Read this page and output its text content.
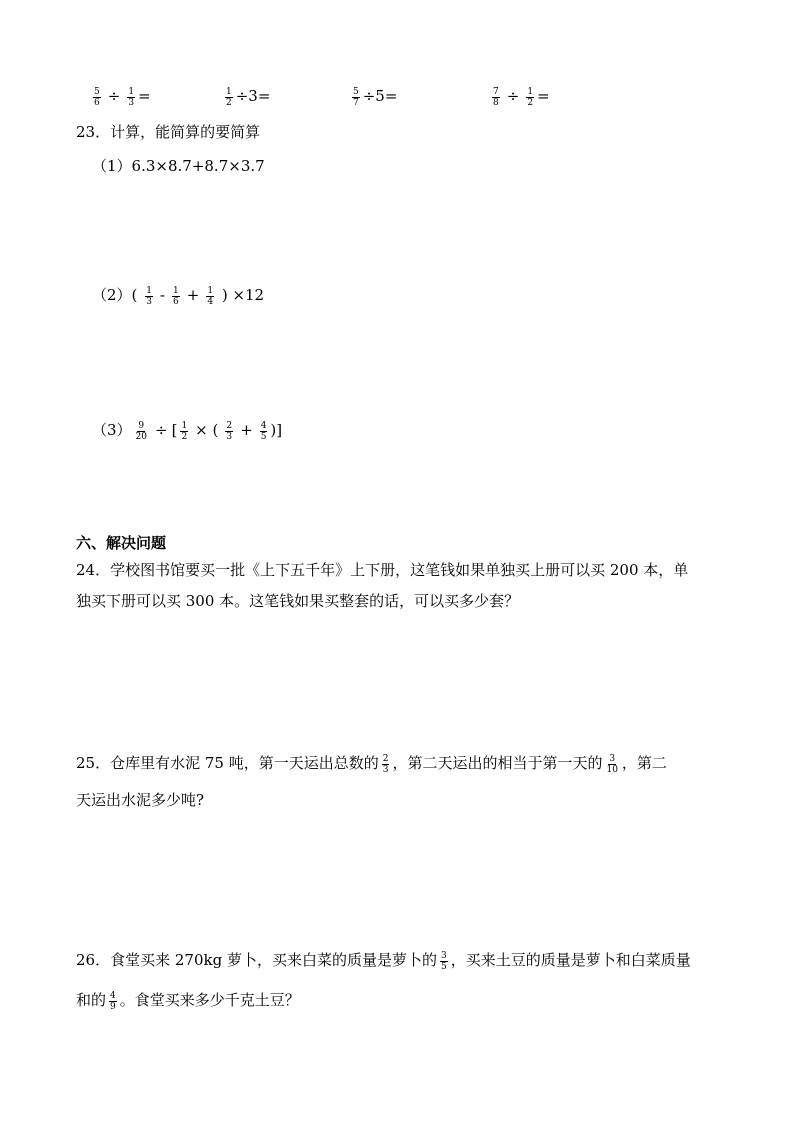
$\frac{5}{6} \div \frac{1}{3}$ =	$\frac{1}{2} \div 3=$	$\frac{5}{7} \div 5=$	$\frac{7}{8} \div \frac{1}{2}$ =
23．计算，能简算的要简算
（1）6.3×8.7+8.7×3.7
$(2)( \frac{1}{3} - \frac{1}{6} + \frac{1}{4}$ ) ×12
$(3) \frac{9}{20}$ ÷ [ $\frac{1}{2}$ × ( $\frac{2}{3} + \frac{4}{5}$ )]
六、解决问题
24．学校图书馆要买一批《上下五千年》上下册，这笔钱如果单独买上册可以买 200 本，单
独买下册可以买 300 本。这笔钱如果买整套的话，可以买多少套？
25．仓库里有水泥 75 吨，第一天运出总数的 $\frac{2}{3}$ ，第二天运出的相当于第一天的 $\frac{3}{10}$ ，第二
天运出水泥多少吨?
26．食堂买来 270kg 萝卜，买来白菜的质量是萝卜的 $\frac{3}{5}$ ，买来土豆的质量是萝卜和白菜质量
和的 $\frac{4}{9}$ 。食堂买来多少千克土豆？
